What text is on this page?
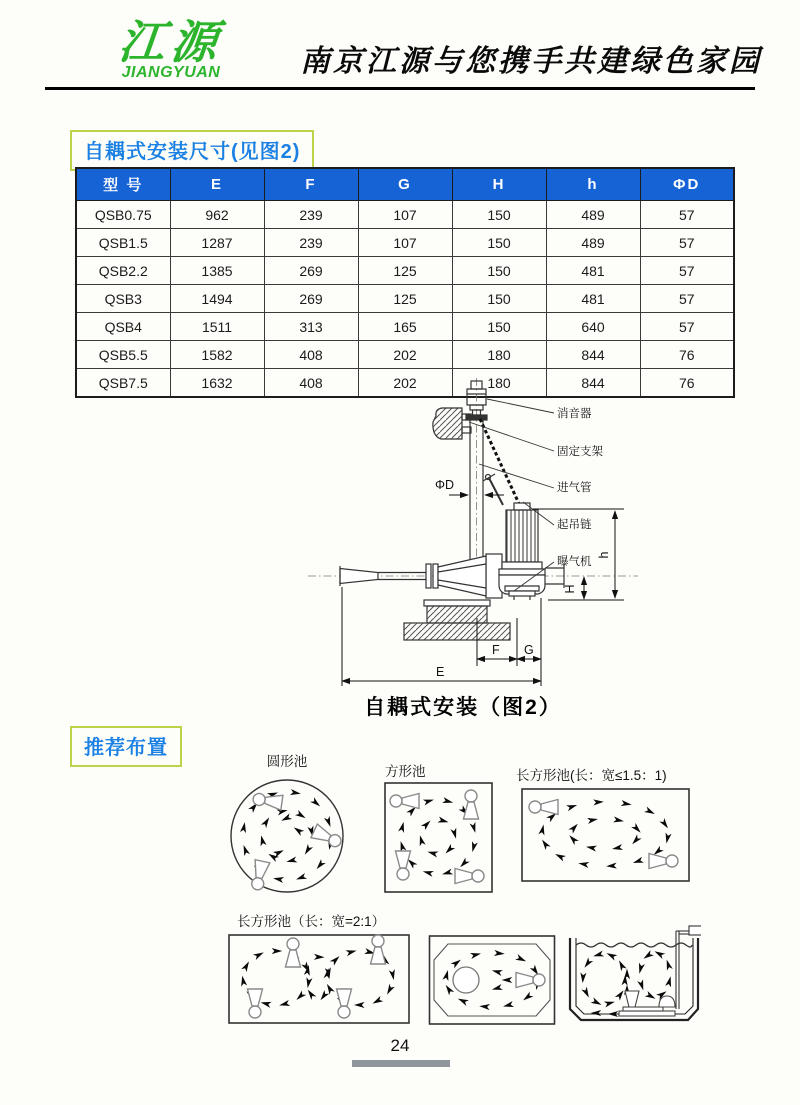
江源
JIANGYUAN	南京江源与您携手共建绿色家园
自耦式安装尺寸(见图2)
型 号	E	F	G	H	h	ΦD
QSB0.75	962	239	107	150	489	57
QSB1.5	1287	239	107	150	489	57
QSB2.2	1385	269	125	150	481	57
QSB3	1494	269	125	150	481	57
QSB4	1511	313	165	150	640	57
QSB5.5	1582	408	202	180	844	76
QSB7.5	1632	408	202	180	844	76
ΦD
h
H
F G
E
消音器
固定支架
进气管
起吊链
曝气机
自耦式安装（图2）
推荐布置
圆形池
方形池	长方形池(长：宽≤1.5：1)
长方形池（长：宽=2:1）
24
